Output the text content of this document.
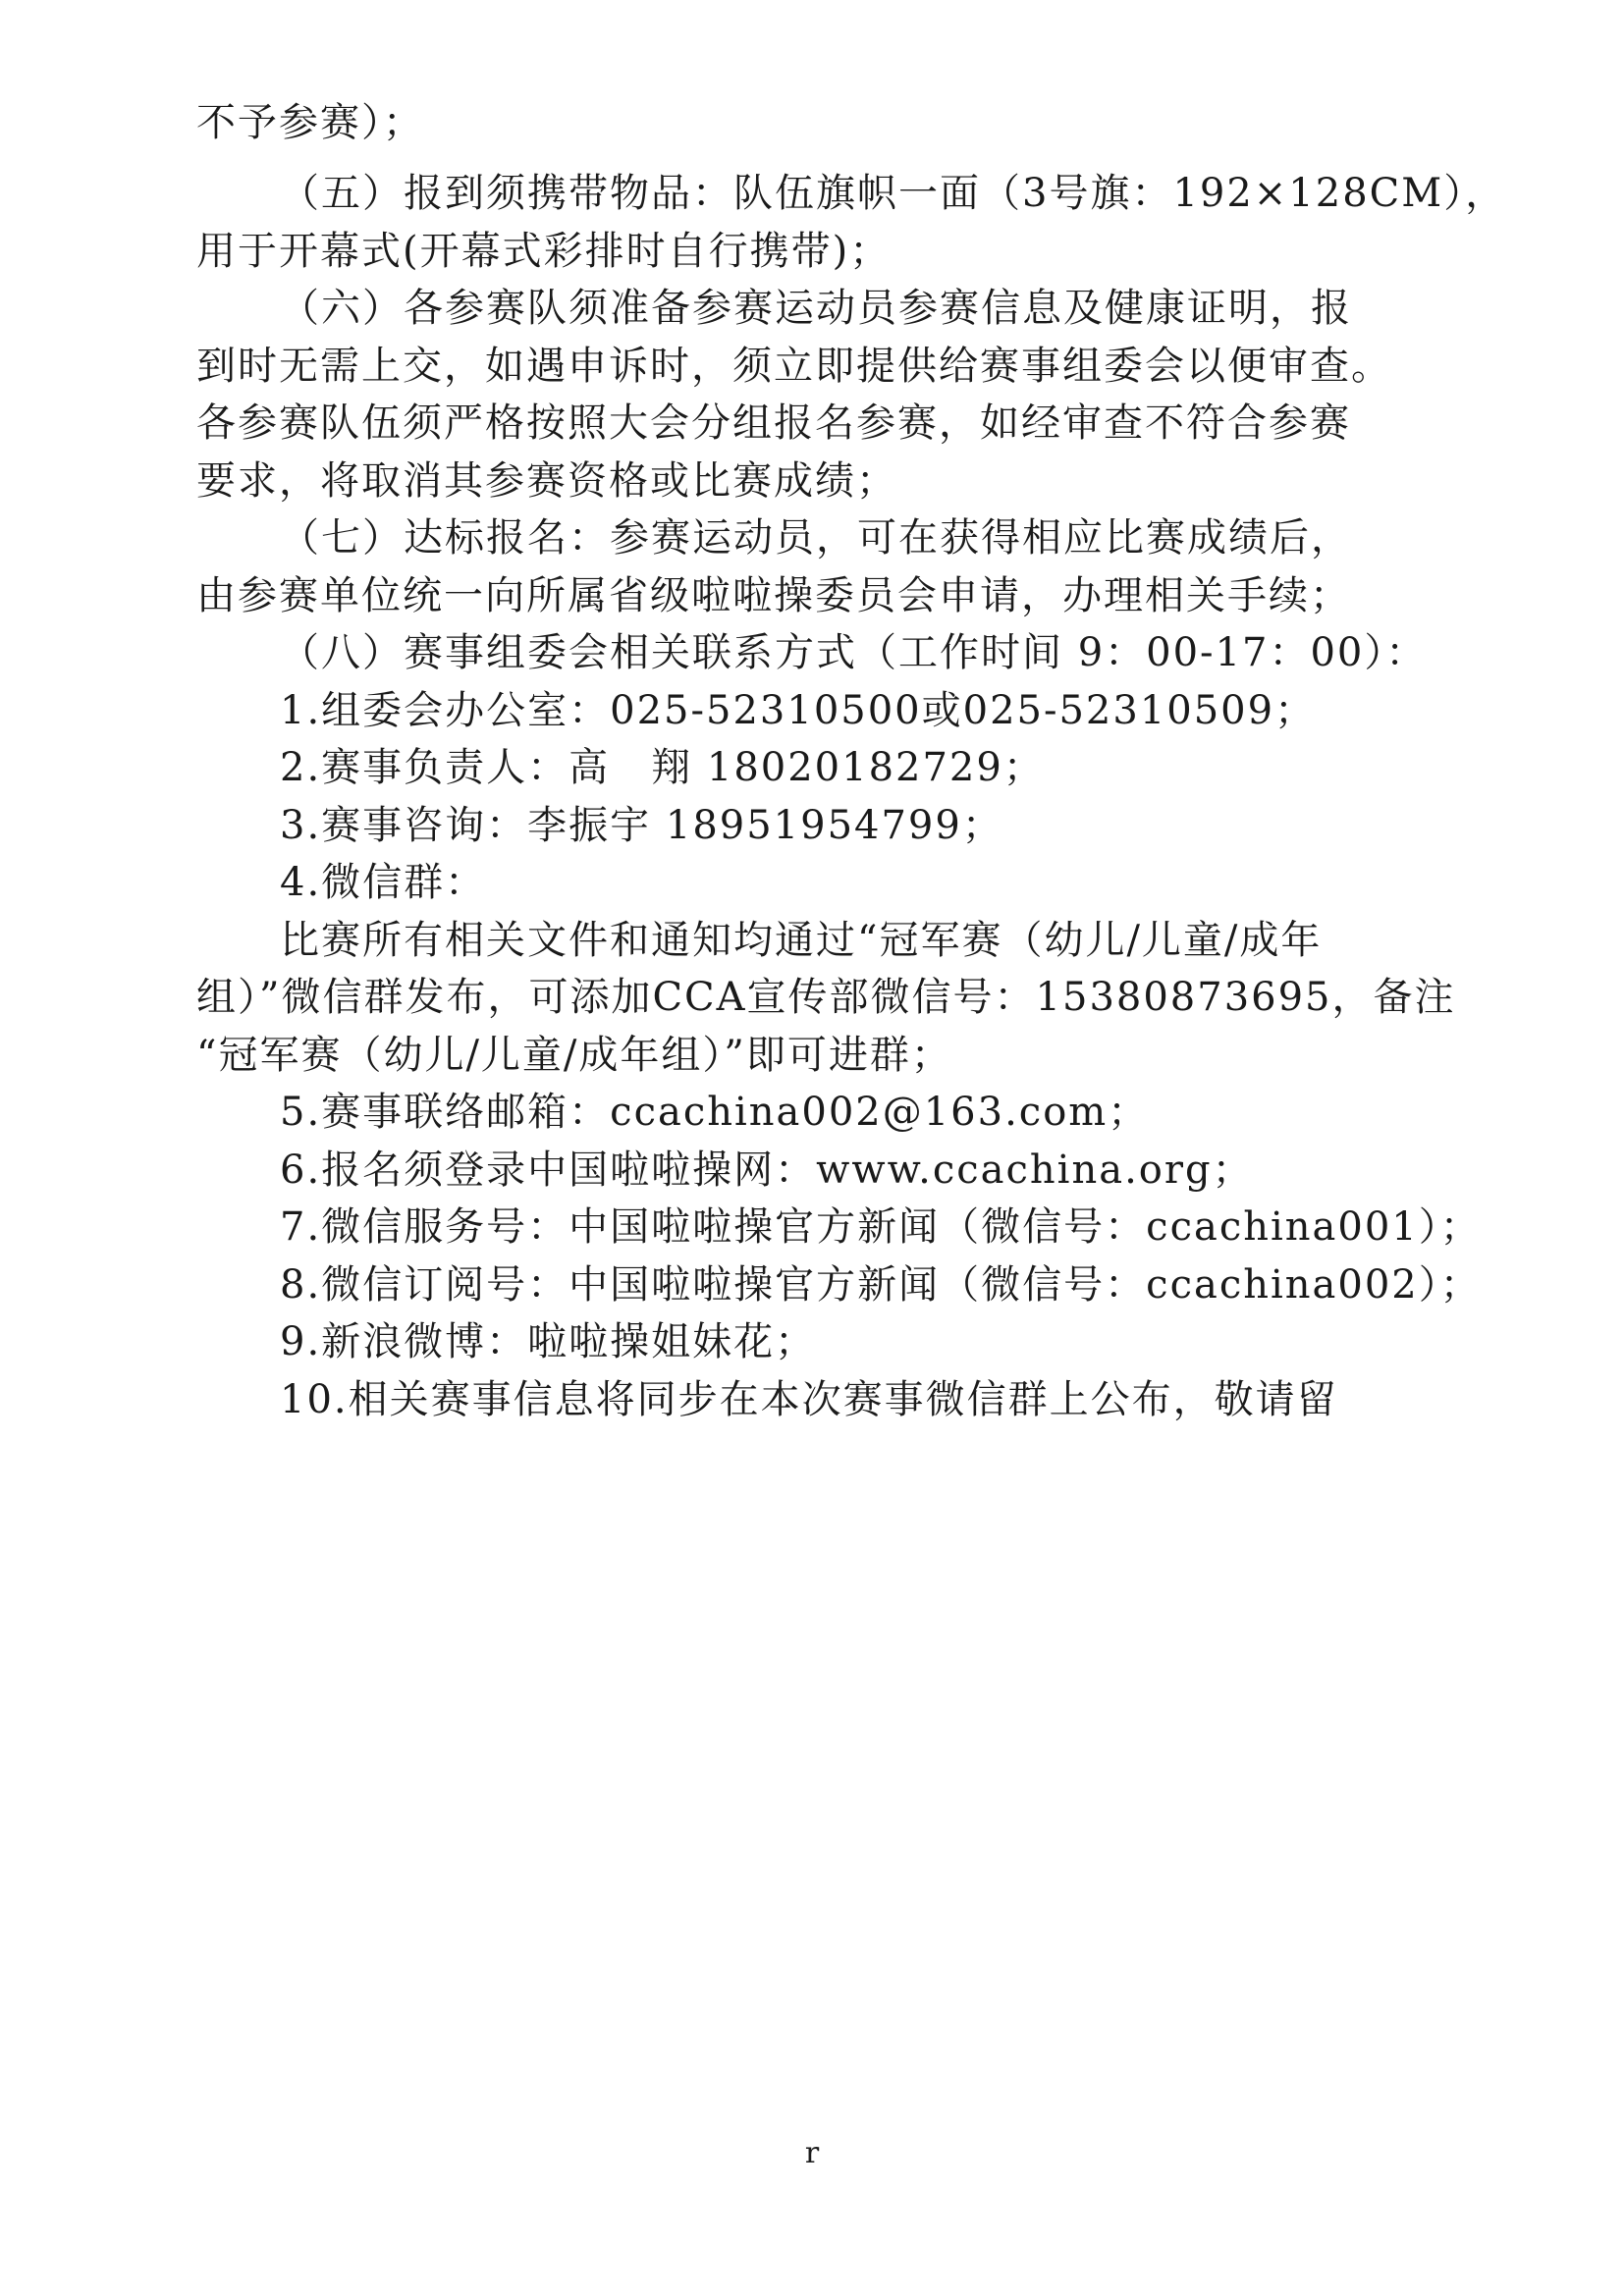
不予参赛）；
（五）报到须携带物品：队伍旗帜一面（3号旗：192×128CM），
用于开幕式(开幕式彩排时自行携带)；
（六）各参赛队须准备参赛运动员参赛信息及健康证明，报
到时无需上交，如遇申诉时，须立即提供给赛事组委会以便审查。
各参赛队伍须严格按照大会分组报名参赛，如经审查不符合参赛
要求，将取消其参赛资格或比赛成绩；
（七）达标报名：参赛运动员，可在获得相应比赛成绩后，
由参赛单位统一向所属省级啦啦操委员会申请，办理相关手续；
（八）赛事组委会相关联系方式（工作时间 9：00-17：00）：
1.组委会办公室：025-52310500或025-52310509；
2.赛事负责人：高　翔 18020182729；
3.赛事咨询：李振宇 18951954799；
4.微信群：
比赛所有相关文件和通知均通过“冠军赛（幼儿/儿童/成年
组）”微信群发布，可添加CCA宣传部微信号：15380873695，备注
“冠军赛（幼儿/儿童/成年组）”即可进群；
5.赛事联络邮箱：ccachina002@163.com；
6.报名须登录中国啦啦操网：www.ccachina.org；
7.微信服务号：中国啦啦操官方新闻（微信号：ccachina001）；
8.微信订阅号：中国啦啦操官方新闻（微信号：ccachina002）；
9.新浪微博：啦啦操姐妹花；
10.相关赛事信息将同步在本次赛事微信群上公布，敬请留
r
